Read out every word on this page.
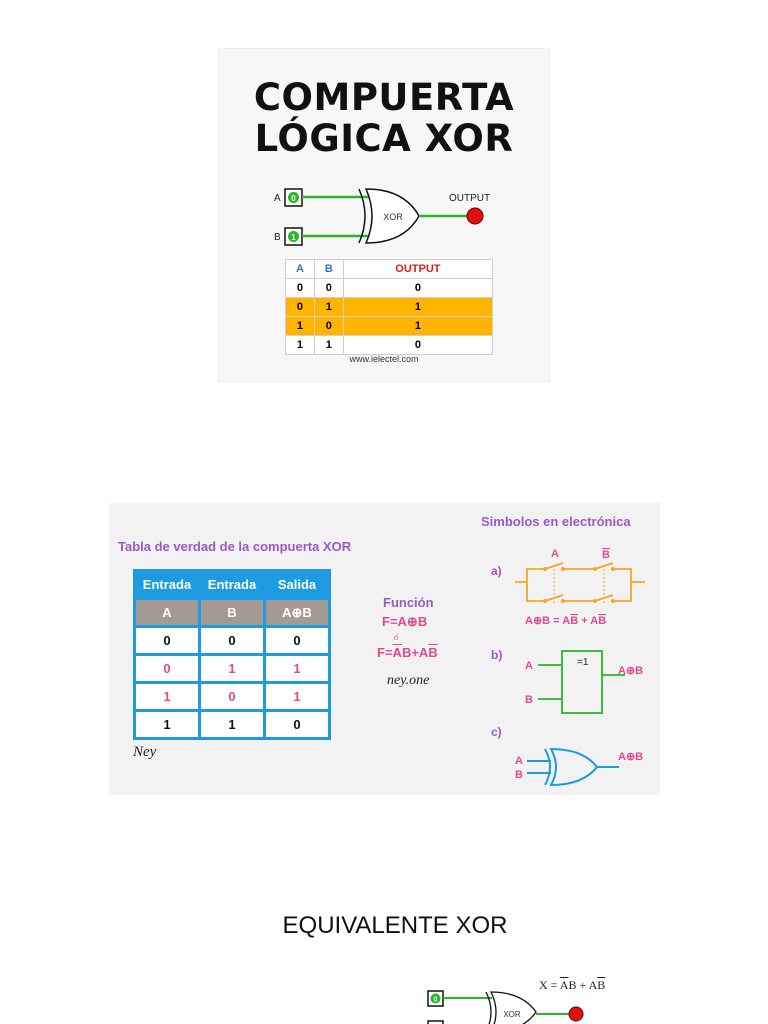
COMPUERTA
LÓGICA XOR
A 0
B 1
XOR
OUTPUT
A	B	OUTPUT
0	0	0
0	1	1
1	0	1
1	1	0
www.ielectel.com
Tabla de verdad de la compuerta XOR
Entrada	Entrada	Salida
A	B	A⊕B
0	0	0
0	1	1
1	0	1
1	1	0
Función
F=A⊕B
ó
$F=\overline{A}B+A\overline{B}$
ney.one
Ney
Simbolos en electrónica
a)
A	B
A⊕B = AB + AB
b)
=1
A
B
A⊕B
c)
A
B
A⊕B
EQUIVALENTE XOR
$X = \overline{A}B + A\overline{B}$
0
XOR
